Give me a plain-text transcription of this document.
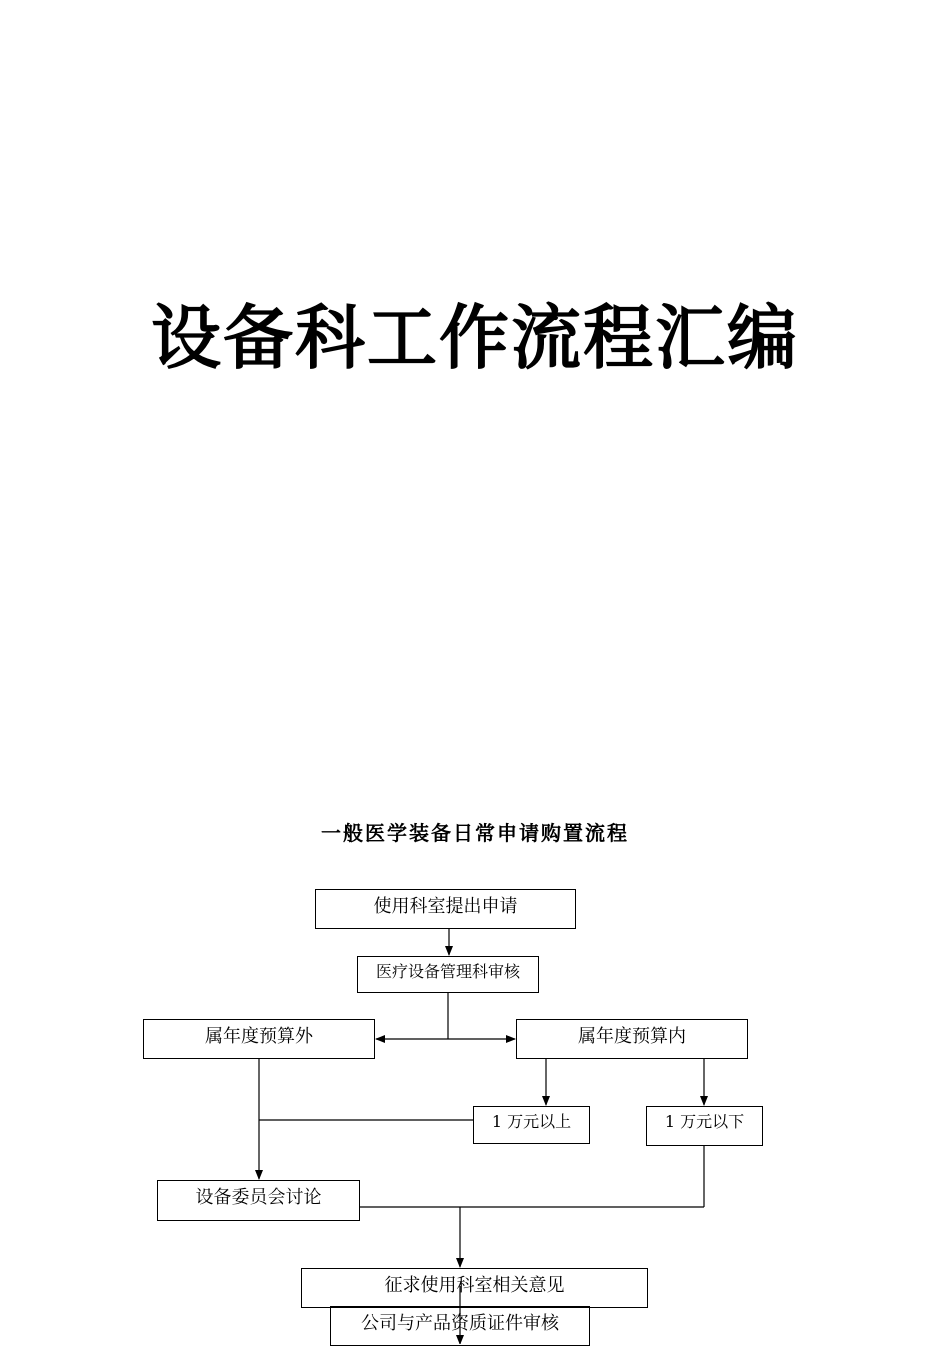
设备科工作流程汇编
一般医学装备日常申请购置流程
使用科室提出申请
医疗设备管理科审核
属年度预算外	属年度预算内
1 万元以上	1 万元以下
设备委员会讨论
征求使用科室相关意见
公司与产品资质证件审核
